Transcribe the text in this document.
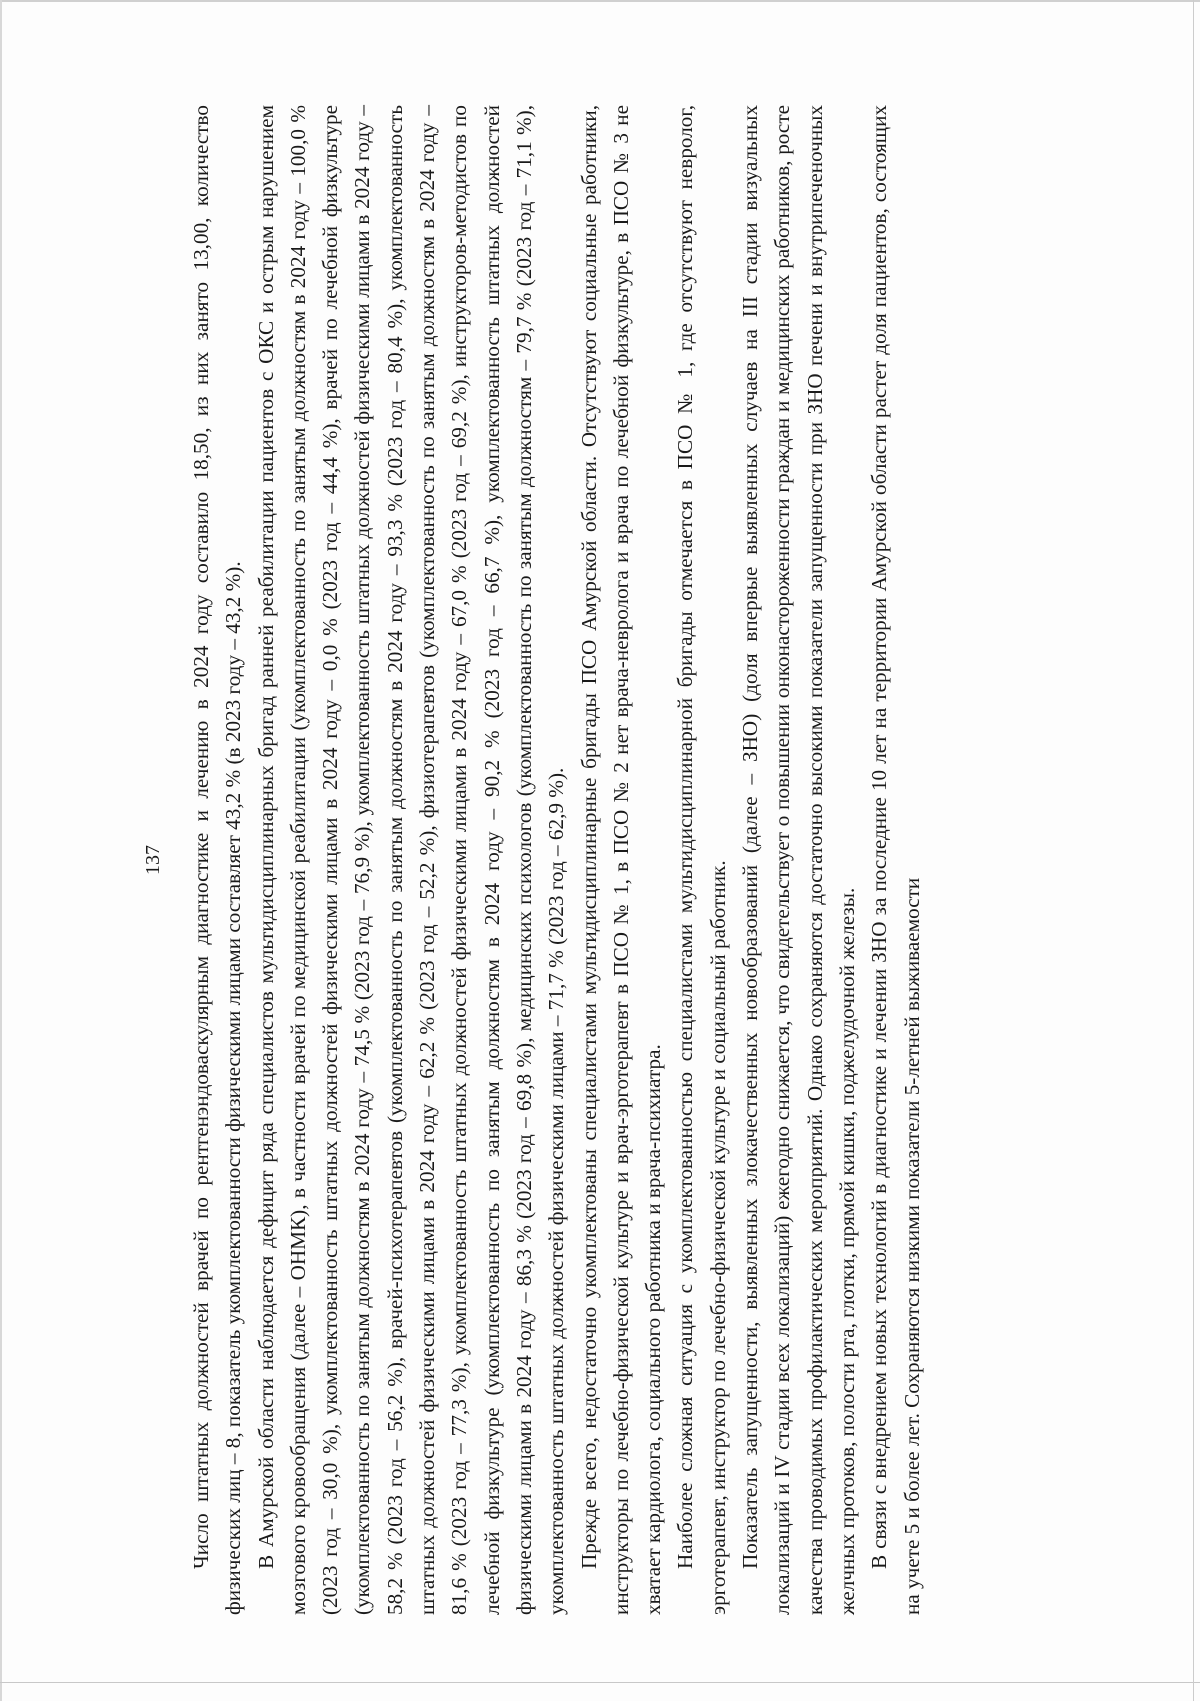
137 Число штатных должностей врачей по рентгенэндоваскулярным диагностике и лечению в 2024 году составило 18,50, из них занято 13,00, количество физических лиц – 8, показатель укомплектованности физическими лицами составляет 43,2 % (в 2023 году – 43,2 %). В Амурской области наблюдается дефицит ряда специалистов мультидисциплинарных бригад ранней реабилитации пациентов с ОКС и острым нарушением мозгового кровообращения (далее – ОНМК), в частности врачей по медицинской реабилитации (укомплектованность по занятым должностям в 2024 году – 100,0 % (2023 год – 30,0 %), укомплектованность штатных должностей физическими лицами в 2024 году – 0,0 % (2023 год – 44,4 %), врачей по лечебной физкультуре (укомплектованность по занятым должностям в 2024 году – 74,5 % (2023 год – 76,9 %), укомплектованность штатных должностей физическими лицами в 2024 году – 58,2 % (2023 год – 56,2 %), врачей-психотерапевтов (укомплектованность по занятым должностям в 2024 году – 93,3 % (2023 год – 80,4 %), укомплектованность штатных должностей физическими лицами в 2024 году – 62,2 % (2023 год – 52,2 %), физиотерапевтов (укомплектованность по занятым должностям в 2024 году – 81,6 % (2023 год – 77,3 %), укомплектованность штатных должностей физическими лицами в 2024 году – 67,0 % (2023 год – 69,2 %), инструкторов-методистов по лечебной физкультуре (укомплектованность по занятым должностям в 2024 году – 90,2 % (2023 год – 66,7 %), укомплектованность штатных должностей физическими лицами в 2024 году – 86,3 % (2023 год – 69,8 %), медицинских психологов (укомплектованность по занятым должностям – 79,7 % (2023 год – 71,1 %), укомплектованность штатных должностей физическими лицами – 71,7 % (2023 год – 62,9 %). Прежде всего, недостаточно укомплектованы специалистами мультидисциплинарные бригады ПСО Амурской области. Отсутствуют социальные работники, инструкторы по лечебно-физической культуре и врач-эрготерапевт в ПСО № 1, в ПСО № 2 нет врача-невролога и врача по лечебной физкультуре, в ПСО № 3 не хватает кардиолога, социального работника и врача-психиатра. Наиболее сложная ситуация с укомплектованностью специалистами мультидисциплинарной бригады отмечается в ПСО № 1, где отсутствуют невролог, эрготерапевт, инструктор по лечебно-физической культуре и социальный работник. Показатель запущенности, выявленных злокачественных новообразований (далее – ЗНО) (доля впервые выявленных случаев на III стадии визуальных локализаций и IV стадии всех локализаций) ежегодно снижается, что свидетельствует о повышении онконастороженности граждан и медицинских работников, росте качества проводимых профилактических мероприятий. Однако сохраняются достаточно высокими показатели запущенности при ЗНО печени и внутрипеченочных желчных протоков, полости рта, глотки, прямой кишки, поджелудочной железы. В связи с внедрением новых технологий в диагностике и лечении ЗНО за последние 10 лет на территории Амурской области растет доля пациентов, состоящих на учете 5 и более лет. Сохраняются низкими показатели 5-летней выживаемости
